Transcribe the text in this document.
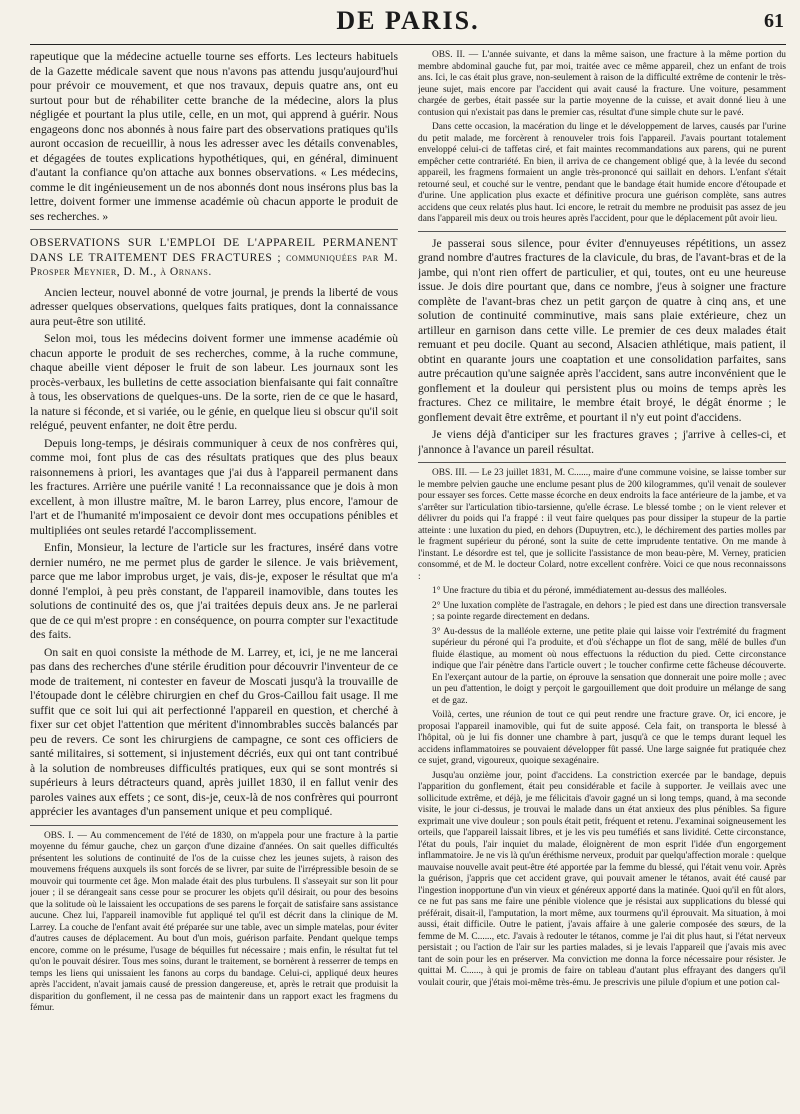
DE PARIS.	61

rapeutique que la médecine actuelle tourne ses efforts. Les lecteurs habituels de la Gazette médicale savent que nous n'avons pas attendu jusqu'aujourd'hui pour prévoir ce mouvement, et que nos travaux, depuis quatre ans, ont eu surtout pour but de réhabiliter cette branche de la médecine, alors la plus négligée et pourtant la plus utile, celle, en un mot, qui apprend à guérir. Nous engageons donc nos abonnés à nous faire part des observations pratiques qu'ils auront occasion de recueillir, à nous les adresser avec les détails convenables, et dégagées de toutes explications hypothétiques, qui, en général, diminuent d'autant la confiance qu'on attache aux bonnes observations. « Les médecins, comme le dit ingénieusement un de nos abonnés dont nous insérons plus bas la lettre, doivent former une immense académie où chacun apporte le produit de ses recherches. »

OBSERVATIONS SUR L'EMPLOI DE L'APPAREIL PERMANENT DANS LE TRAITEMENT DES FRACTURES ; communiquées par M. Prosper Meynier, D. M., à Ornans.

Ancien lecteur, nouvel abonné de votre journal, je prends la liberté de vous adresser quelques observations, quelques faits pratiques, dont la connaissance aura peut-être son utilité.

Selon moi, tous les médecins doivent former une immense académie où chacun apporte le produit de ses recherches, comme, à la ruche commune, chaque abeille vient déposer le fruit de son labeur. Les journaux sont les procès-verbaux, les bulletins de cette association bienfaisante qui fait connaître à tous, les observations de quelques-uns. De la sorte, rien de ce que le hasard, la nature si féconde, et si variée, ou le génie, en quelque lieu si obscur qu'il soit relégué, peuvent enfanter, ne doit être perdu.

Depuis long-temps, je désirais communiquer à ceux de nos confrères qui, comme moi, font plus de cas des résultats pratiques que des plus beaux raisonnemens à priori, les avantages que j'ai dus à l'appareil permanent dans les fractures. Arrière une puérile vanité ! La reconnaissance que je dois à mon excellent, à mon illustre maître, M. le baron Larrey, plus encore, l'amour de l'art et de l'humanité m'imposaient ce devoir dont mes occupations pénibles et multipliées ont seules retardé l'accomplissement.

Enfin, Monsieur, la lecture de l'article sur les fractures, inséré dans votre dernier numéro, ne me permet plus de garder le silence. Je vais brièvement, parce que me labor improbus urget, je vais, dis-je, exposer le résultat que m'a donné l'emploi, à peu près constant, de l'appareil inamovible, dans toutes les solutions de continuité des os, que j'ai traitées depuis deux ans. Je ne parlerai que de ce qui m'est propre : en conséquence, on pourra compter sur l'exactitude des faits.

On sait en quoi consiste la méthode de M. Larrey, et, ici, je ne me lancerai pas dans des recherches d'une stérile érudition pour découvrir l'inventeur de ce mode de traitement, ni contester en faveur de Moscati jusqu'à la trouvaille de l'étoupade dont le célèbre chirurgien en chef du Gros-Caillou fait usage. Il me suffit que ce soit lui qui ait perfectionné l'appareil en question, et cherché à fixer sur cet objet l'attention que méritent d'innombrables succès balancés par peu de revers. Ce sont les chirurgiens de campagne, ce sont ces officiers de santé militaires, si sottement, si injustement décriés, eux qui ont tant contribué à la solution de nombreuses difficultés pratiques, eux qui se sont montrés si supérieurs à leurs détracteurs quand, après juillet 1830, il en fallut venir des paroles vaines aux effets ; ce sont, dis-je, ceux-là de nos confrères qui pourront apprécier les avantages d'un pansement unique et peu compliqué.

OBS. I. — Au commencement de l'été de 1830, on m'appela pour une fracture à la partie moyenne du fémur gauche, chez un garçon d'une dizaine d'années. On sait quelles difficultés présentent les solutions de continuité de l'os de la cuisse chez les jeunes sujets, à raison des mouvemens fréquens auxquels ils sont forcés de se livrer, par suite de l'irrépressible besoin de se mouvoir qui tourmente cet âge. Mon malade était des plus turbulens. Il s'asseyait sur son lit pour jouer ; il se dérangeait sans cesse pour se procurer les objets qu'il désirait, ou pour des besoins que la solitude où le laissaient les occupations de ses parens le forçait de satisfaire sans assistance aucune. Chez lui, l'appareil inamovible fut appliqué tel qu'il est décrit dans la clinique de M. Larrey. La couche de l'enfant avait été préparée sur une table, avec un simple matelas, pour éviter d'autres causes de déplacement. Au bout d'un mois, guérison parfaite. Pendant quelque temps encore, comme on le présume, l'usage de béquilles fut nécessaire ; mais enfin, le résultat fut tel qu'on le pouvait désirer. Tous mes soins, durant le traitement, se bornèrent à resserrer de temps en temps les liens qui unissaient les fanons au corps du bandage. Celui-ci, appliqué deux heures après l'accident, n'avait jamais causé de pression dangereuse, et, après le retrait que produisit la disparition du gonflement, il ne cessa pas de maintenir dans un rapport exact les fragmens du fémur.

OBS. II. — L'année suivante, et dans la même saison, une fracture à la même portion du membre abdominal gauche fut, par moi, traitée avec ce même appareil, chez un enfant de trois ans. Ici, le cas était plus grave, non-seulement à raison de la difficulté extrême de contenir le très-jeune sujet, mais encore par l'accident qui avait causé la fracture. Une voiture, pesamment chargée de gerbes, était passée sur la partie moyenne de la cuisse, et avait donné lieu à une contusion qui n'existait pas dans le premier cas, résultat d'une simple chute sur le pavé.

Dans cette occasion, la macération du linge et le développement de larves, causés par l'urine du petit malade, me forcèrent à renouveler trois fois l'appareil. J'avais pourtant totalement enveloppé celui-ci de taffetas ciré, et fait maintes recommandations aux parens, qui ne purent empêcher cette contrariété. En bien, il arriva de ce changement obligé que, à la levée du second appareil, les fragmens formaient un angle très-prononcé qui saillait en dehors. L'enfant s'était retourné seul, et couché sur le ventre, pendant que le bandage était humide encore d'étoupade et d'urine. Une application plus exacte et définitive procura une guérison complète, sans autres accidens que ceux relatés plus haut. Ici encore, le retrait du membre ne produisit pas assez de jeu dans l'appareil mis deux ou trois heures après l'accident, pour que le déplacement pût avoir lieu.

Je passerai sous silence, pour éviter d'ennuyeuses répétitions, un assez grand nombre d'autres fractures de la clavicule, du bras, de l'avant-bras et de la jambe, qui n'ont rien offert de particulier, et qui, toutes, ont eu une heureuse issue. Je dois dire pourtant que, dans ce nombre, j'eus à soigner une fracture complète de l'avant-bras chez un petit garçon de quatre à cinq ans, et une solution de continuité comminutive, mais sans plaie extérieure, chez un artilleur en garnison dans cette ville. Le premier de ces deux malades était remuant et peu docile. Quant au second, Alsacien athlétique, mais patient, il obtint en quarante jours une coaptation et une consolidation parfaites, sans autre précaution qu'une saignée après l'accident, sans autre inconvénient que le gonflement et la douleur qui persistent plus ou moins de temps après les fractures. Chez ce militaire, le membre était broyé, le dégât énorme ; le gonflement devait être extrême, et pourtant il n'y eut point d'accidens.

Je viens déjà d'anticiper sur les fractures graves ; j'arrive à celles-ci, et j'annonce à l'avance un pareil résultat.

OBS. III. — Le 23 juillet 1831, M. C......, maire d'une commune voisine, se laisse tomber sur le membre pelvien gauche une enclume pesant plus de 200 kilogrammes, qu'il venait de soulever pour essayer ses forces. Cette masse écorche en deux endroits la face antérieure de la jambe, et va s'arrêter sur l'articulation tibio-tarsienne, qu'elle écrase. Le blessé tombe ; on le vient relever et délivrer du poids qui l'a frappé : il veut faire quelques pas pour dissiper la stupeur de la partie atteinte : une luxation du pied, en dehors (Dupuytren, etc.), le déchirement des parties molles par le fragment supérieur du péroné, sont la suite de cette imprudente tentative. On me mande à l'instant. Le désordre est tel, que je sollicite l'assistance de mon beau-père, M. Verney, praticien consommé, et de M. le docteur Colard, notre excellent confrère. Voici ce que nous reconnaissons :

1° Une fracture du tibia et du péroné, immédiatement au-dessus des malléoles.

2° Une luxation complète de l'astragale, en dehors ; le pied est dans une direction transversale ; sa pointe regarde directement en dedans.

3° Au-dessus de la malléole externe, une petite plaie qui laisse voir l'extrémité du fragment supérieur du péroné qui l'a produite, et d'où s'échappe un flot de sang, mêlé de bulles d'un fluide élastique, au moment où nous effectuons la réduction du pied. Cette circonstance indique que l'air pénètre dans l'article ouvert ; le toucher confirme cette fâcheuse découverte. En l'exerçant autour de la partie, on éprouve la sensation que donnerait une poire molle ; avec un peu d'attention, le doigt y perçoit le gargouillement que doit produire un mélange de sang et de gaz.

Voilà, certes, une réunion de tout ce qui peut rendre une fracture grave. Or, ici encore, je proposai l'appareil inamovible, qui fut de suite apposé. Cela fait, on transporta le blessé à l'hôpital, où je lui fis donner une chambre à part, jusqu'à ce que le temps durant lequel les accidens inflammatoires se pouvaient développer fût passé. Une large saignée fut pratiquée chez ce sujet, grand, vigoureux, quoique sexagénaire.

Jusqu'au onzième jour, point d'accidens. La constriction exercée par le bandage, depuis l'apparition du gonflement, était peu considérable et facile à supporter. Je veillais avec une sollicitude extrême, et déjà, je me félicitais d'avoir gagné un si long temps, quand, à ma seconde visite, le jour ci-dessus, je trouvai le malade dans un état anxieux des plus pénibles. Sa figure exprimait une vive douleur ; son pouls était petit, fréquent et retenu. J'examinai soigneusement les orteils, que l'appareil laissait libres, et je les vis peu tuméfiés et sans lividité. Cette circonstance, l'état du pouls, l'air inquiet du malade, éloignèrent de mon esprit l'idée d'un engorgement inflammatoire. Je ne vis là qu'un éréthisme nerveux, produit par quelqu'affection morale : quelque mauvaise nouvelle avait peut-être été apportée par la femme du blessé, qui l'était venu voir. Après la guérison, j'appris que cet accident grave, qui pouvait amener le tétanos, avait été causé par l'ingestion inopportune d'un vin vieux et généreux apporté dans la matinée. Quoi qu'il en fût alors, ce ne fut pas sans me faire une pénible violence que je résistai aux supplications du blessé qui préférait, disait-il, l'amputation, la mort même, aux tourmens qu'il éprouvait. Ma situation, à moi aussi, était difficile. Outre le patient, j'avais affaire à une galerie composée des sœurs, de la femme de M. C......, etc. J'avais à redouter le tétanos, comme je l'ai dit plus haut, si l'état nerveux persistait ; ou l'action de l'air sur les parties malades, si je levais l'appareil que j'avais mis avec tant de soin pour les en préserver. Ma conviction me donna la force nécessaire pour résister. Je quittai M. C......, à qui je promis de faire on tableau d'autant plus effrayant des dangers qu'il voulait courir, que j'étais moi-même très-ému. Je prescrivis une pilule d'opium et une potion cal-
